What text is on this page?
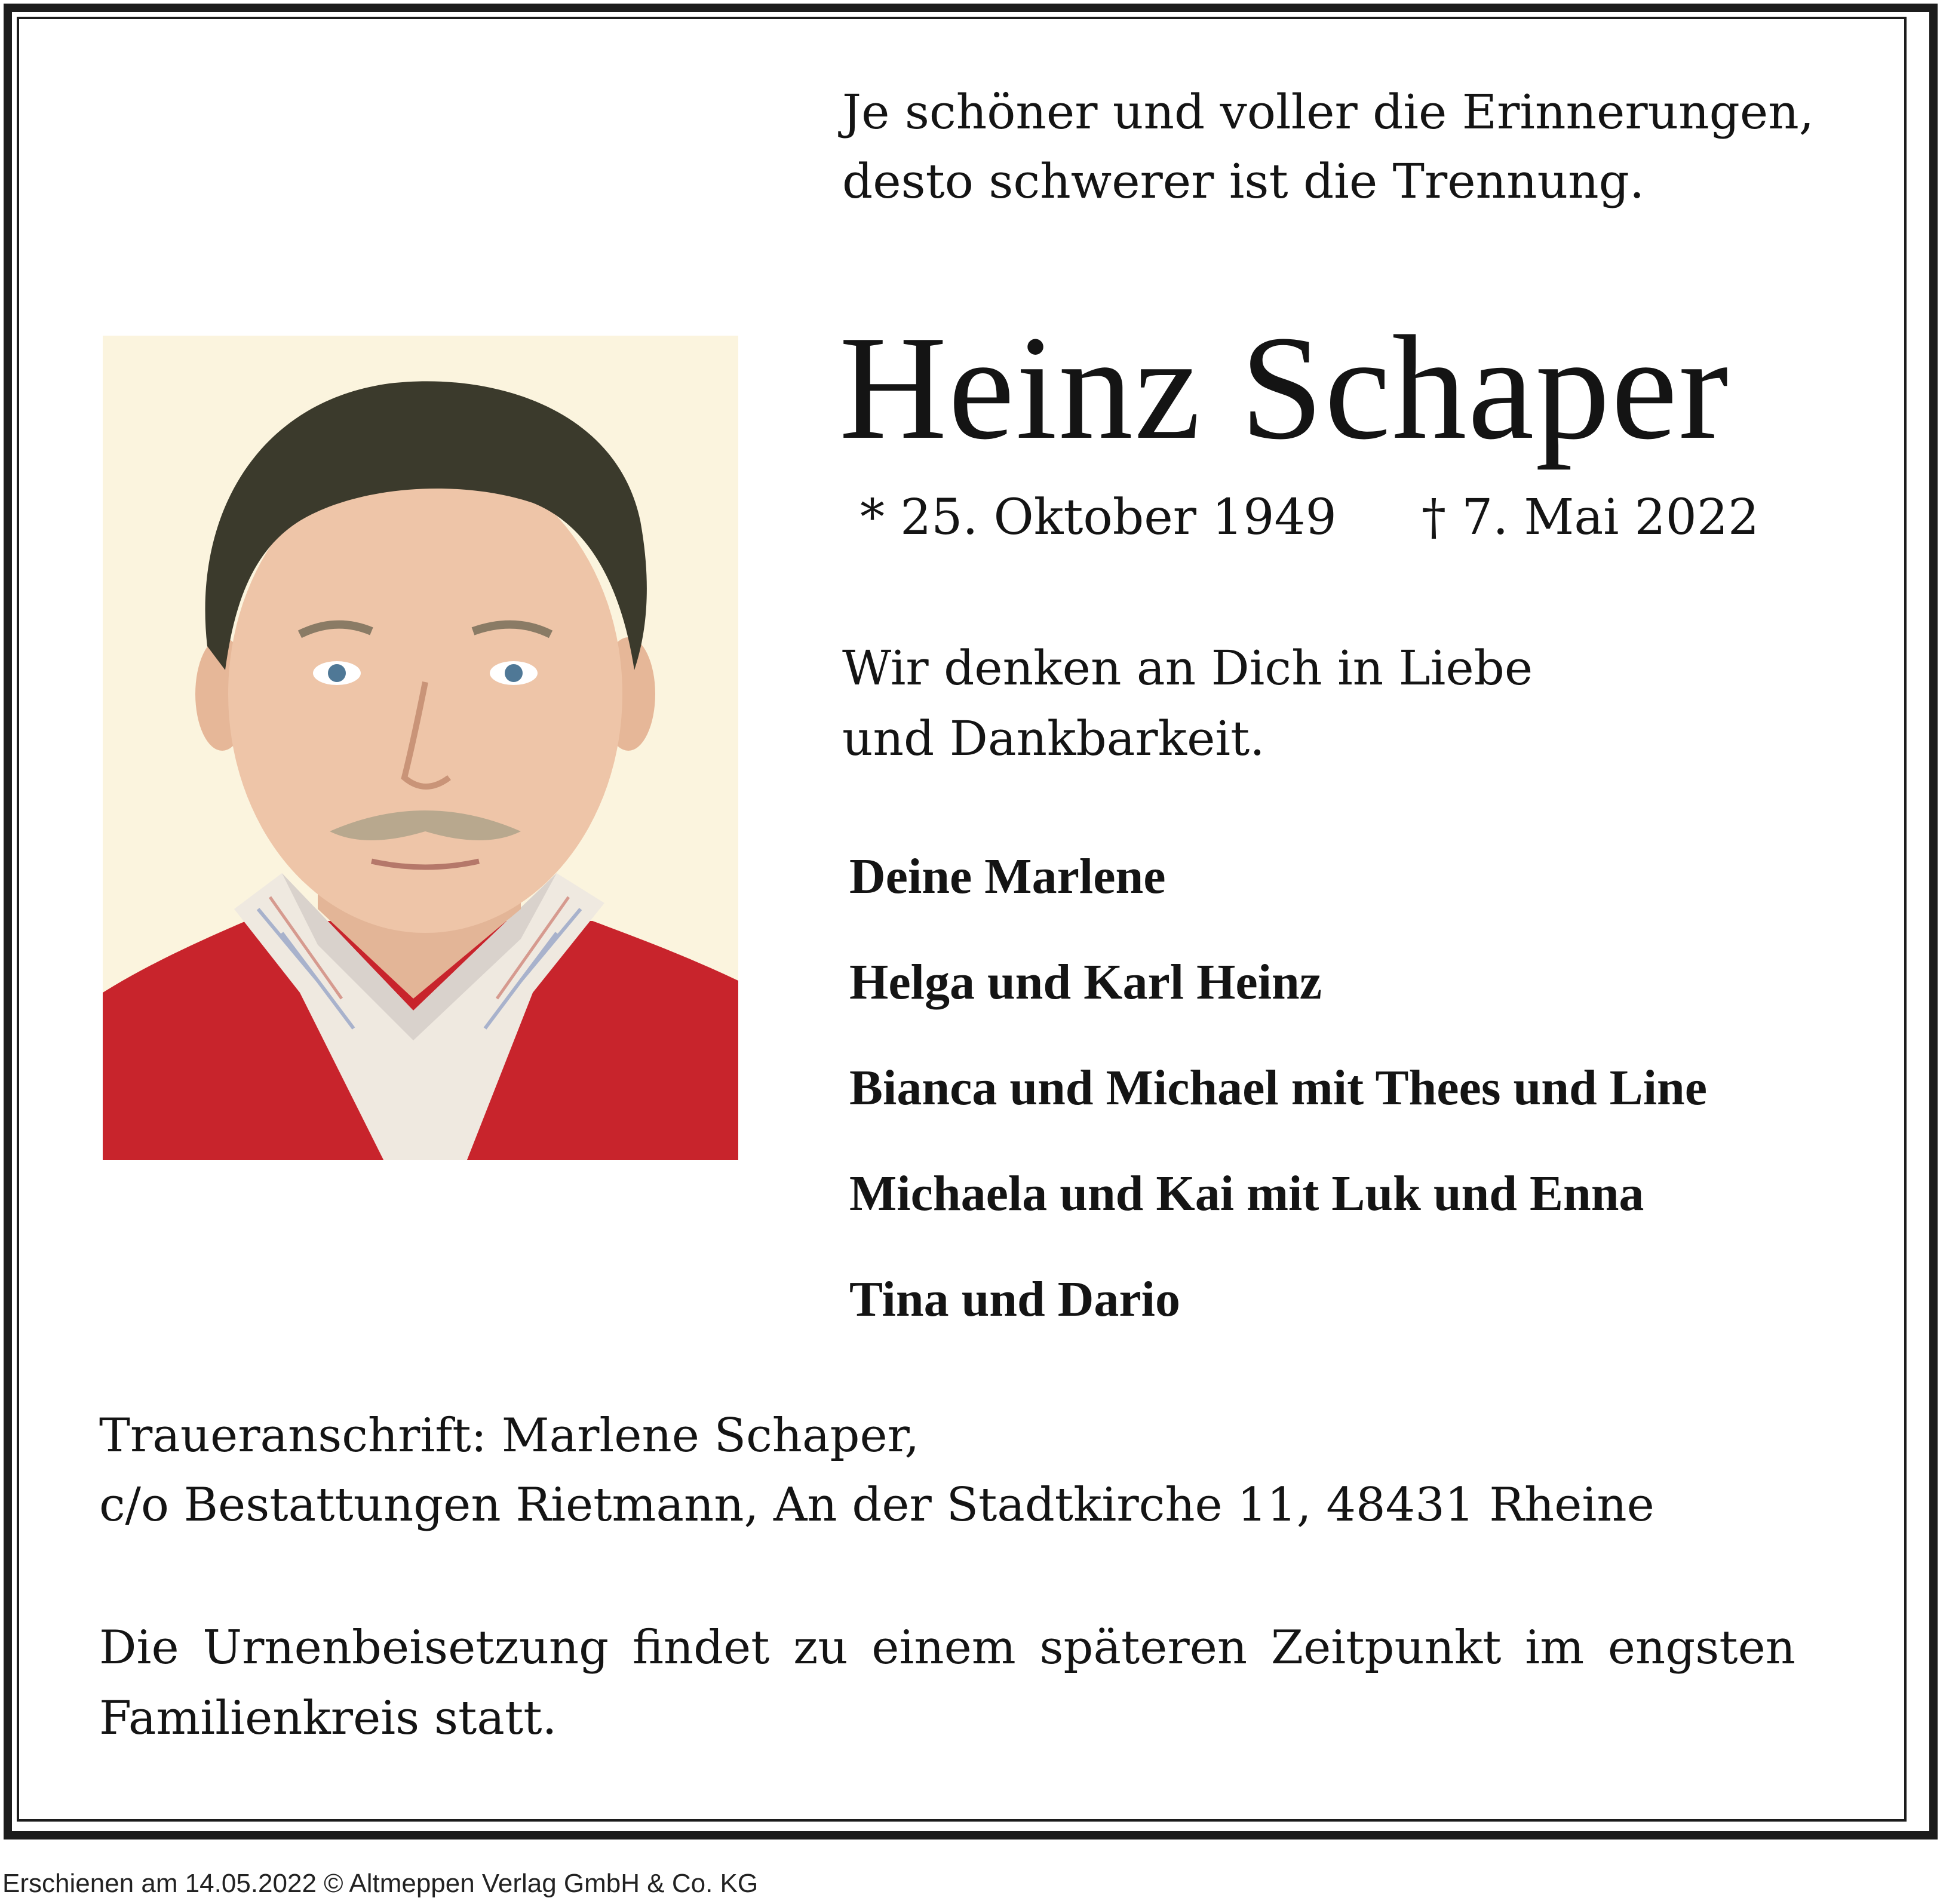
Je schöner und voller die Erinnerungen,
desto schwerer ist die Trennung.
Heinz Schaper
* 25. Oktober 1949 † 7. Mai 2022
Wir denken an Dich in Liebe
und Dankbarkeit.
Deine Marlene
Helga und Karl Heinz
Bianca und Michael mit Thees und Line
Michaela und Kai mit Luk und Enna
Tina und Dario
Traueranschrift: Marlene Schaper,
c/o Bestattungen Rietmann, An der Stadtkirche 11, 48431 Rheine

Die Urnenbeisetzung findet zu einem späteren Zeitpunkt im engsten Familienkreis statt.

Erschienen am 14.05.2022 © Altmeppen Verlag GmbH & Co. KG
